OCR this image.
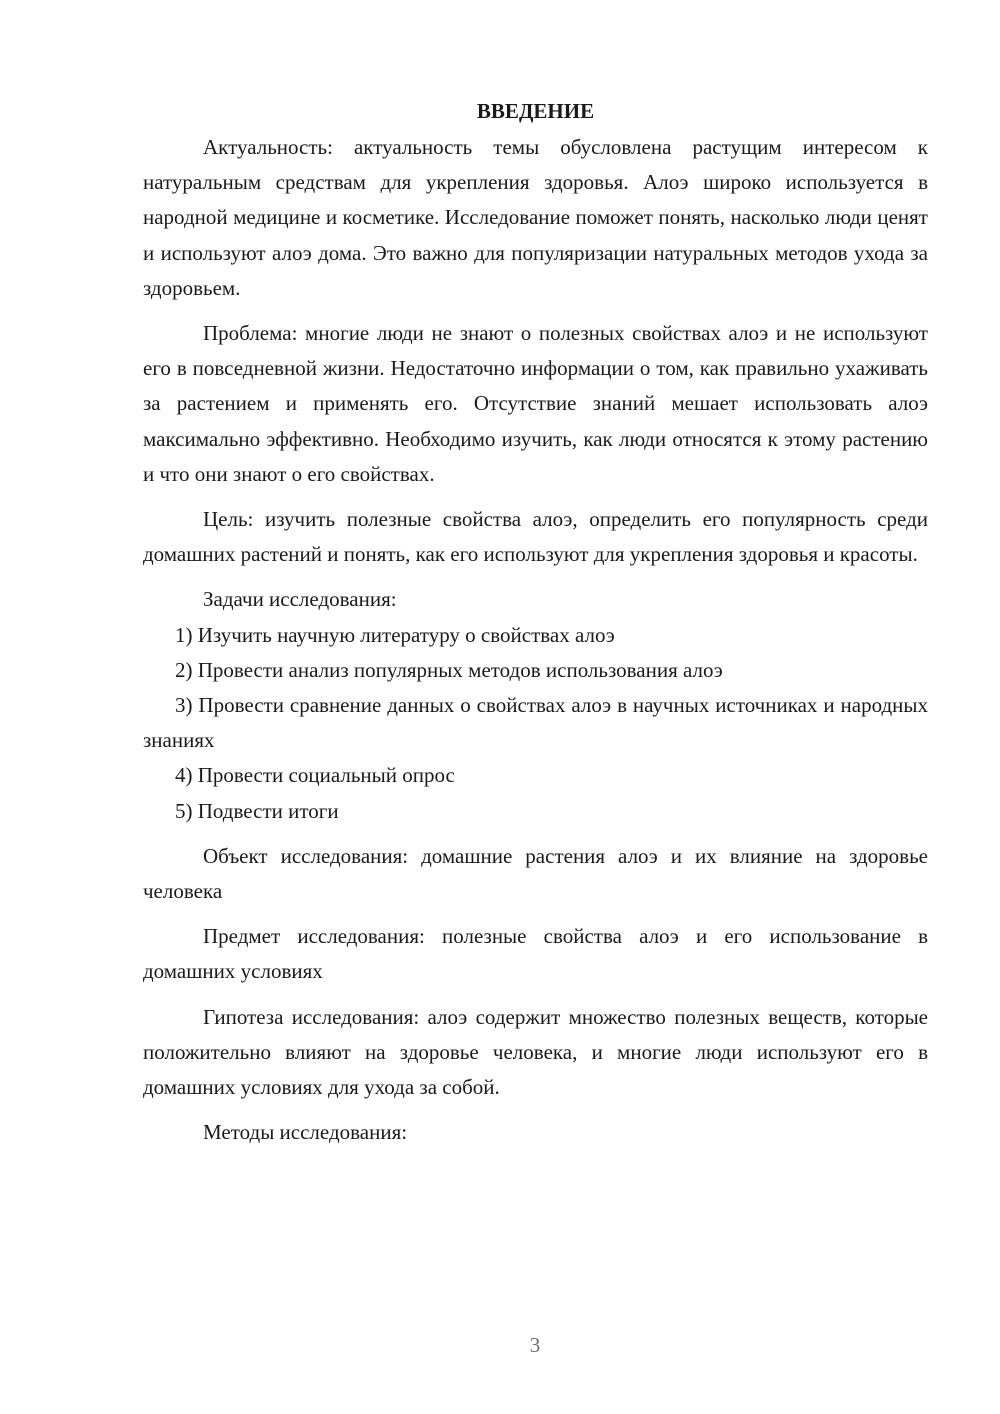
ВВЕДЕНИЕ

Актуальность: актуальность темы обусловлена растущим интересом к натуральным средствам для укрепления здоровья. Алоэ широко используется в народной медицине и косметике. Исследование поможет понять, насколько люди ценят и используют алоэ дома. Это важно для популяризации натуральных методов ухода за здоровьем.

Проблема: многие люди не знают о полезных свойствах алоэ и не используют его в повседневной жизни. Недостаточно информации о том, как правильно ухаживать за растением и применять его. Отсутствие знаний мешает использовать алоэ максимально эффективно. Необходимо изучить, как люди относятся к этому растению и что они знают о его свойствах.

Цель: изучить полезные свойства алоэ, определить его популярность среди домашних растений и понять, как его используют для укрепления здоровья и красоты.

Задачи исследования:

1) Изучить научную литературу о свойствах алоэ

2) Провести анализ популярных методов использования алоэ

3) Провести сравнение данных о свойствах алоэ в научных источниках и народных знаниях

4) Провести социальный опрос

5) Подвести итоги

Объект исследования: домашние растения алоэ и их влияние на здоровье человека

Предмет исследования: полезные свойства алоэ и его использование в домашних условиях

Гипотеза исследования: алоэ содержит множество полезных веществ, которые положительно влияют на здоровье человека, и многие люди используют его в домашних условиях для ухода за собой.

Методы исследования:

3
